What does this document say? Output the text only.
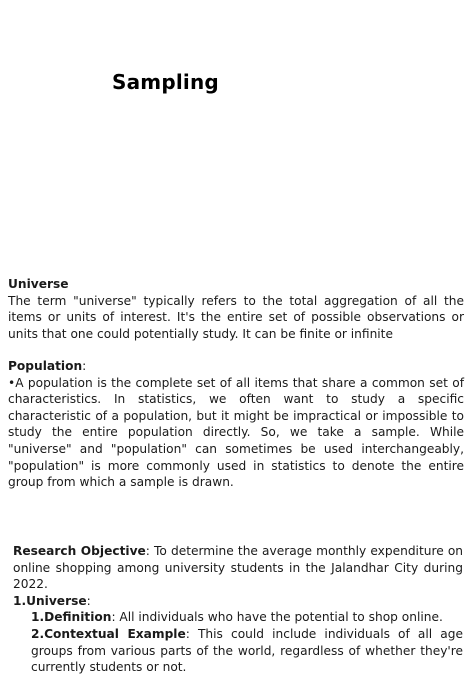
Sampling
Universe
The term "universe" typically refers to the total aggregation of all the items or units of interest. It's the entire set of possible observations or units that one could potentially study. It can be finite or infinite
Population:
•A population is the complete set of all items that share a common set of characteristics. In statistics, we often want to study a specific characteristic of a population, but it might be impractical or impossible to study the entire population directly. So, we take a sample. While "universe" and "population" can sometimes be used interchangeably, "population" is more commonly used in statistics to denote the entire group from which a sample is drawn.
Research Objective: To determine the average monthly expenditure on online shopping among university students in the Jalandhar City during 2022.
1.Universe:
1.Definition: All individuals who have the potential to shop online.
2.Contextual Example: This could include individuals of all age groups from various parts of the world, regardless of whether they're currently students or not.
